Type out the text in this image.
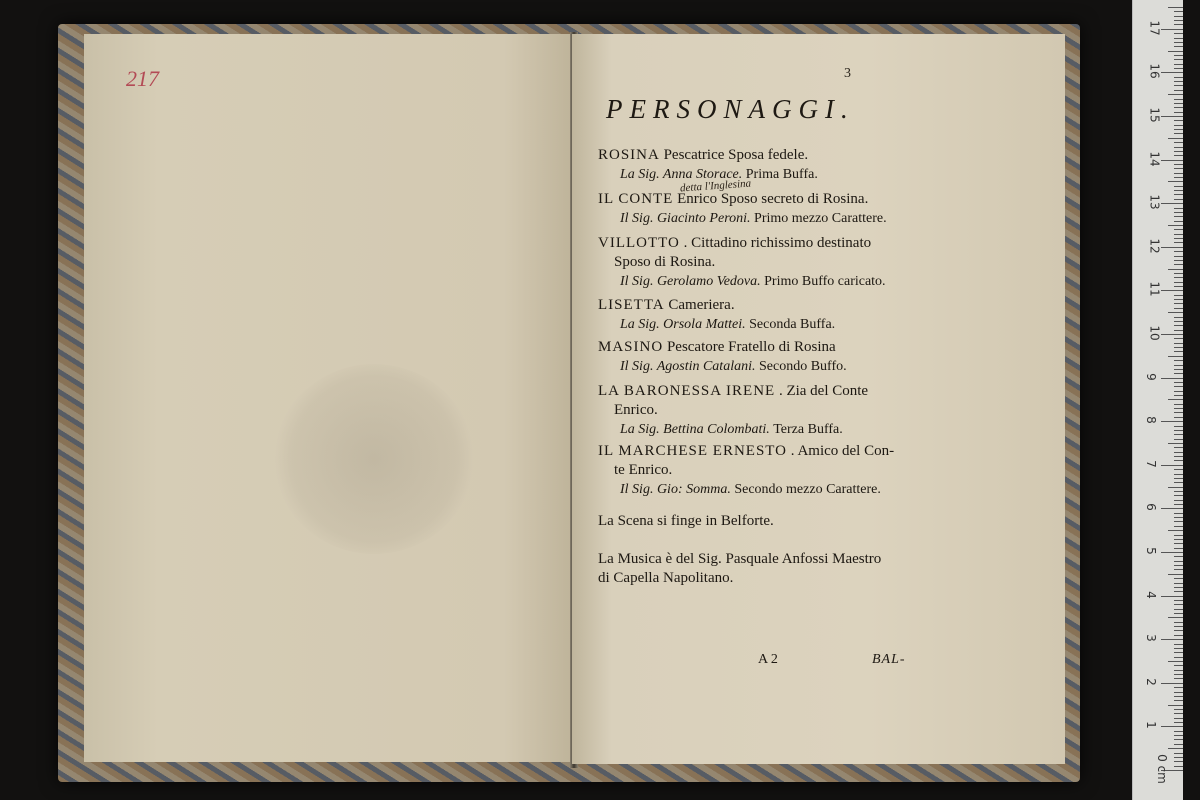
217	3
PERSONAGGI.
detta l'Inglesina
ROSINA Pescatrice Sposa fedele.
La Sig. Anna Storace. Prima Buffa.
IL CONTE Enrico Sposo secreto di Rosina.
Il Sig. Giacinto Peroni. Primo mezzo Carattere.
VILLOTTO . Cittadino richissimo destinato
Sposo di Rosina.
Il Sig. Gerolamo Vedova. Primo Buffo caricato.
LISETTA Cameriera.
La Sig. Orsola Mattei. Seconda Buffa.
MASINO Pescatore Fratello di Rosina
Il Sig. Agostin Catalani. Secondo Buffo.
LA BARONESSA IRENE . Zia del Conte
Enrico.
La Sig. Bettina Colombati. Terza Buffa.
IL MARCHESE ERNESTO . Amico del Con-
te Enrico.
Il Sig. Gio: Somma. Secondo mezzo Carattere.
La Scena si finge in Belforte.
La Musica è del Sig. Pasquale Anfossi Maestro
di Capella Napolitano.
A 2	BAL-
0 cm
1
2
3
4
5
6
7
8
9
10
11
12
13
14
15
16
17
